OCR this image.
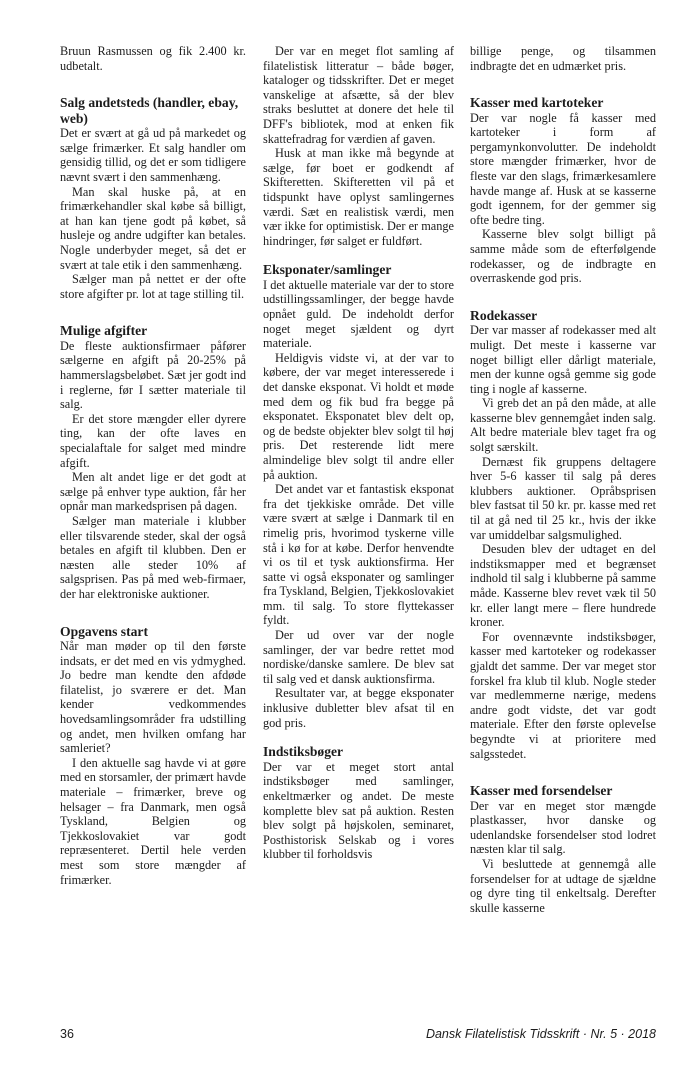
Bruun Rasmussen og fik 2.400 kr. udbetalt.

Salg andetsteds (handler, ebay, web)

Det er svært at gå ud på markedet og sælge frimærker. Et salg handler om gensidig tillid, og det er som tidligere nævnt svært i den sammenhæng.

Man skal huske på, at en frimærkehandler skal købe så billigt, at han kan tjene godt på købet, så husleje og andre udgifter kan betales. Nogle underbyder meget, så det er svært at tale etik i den sammenhæng.

Sælger man på nettet er der ofte store afgifter pr. lot at tage stilling til.

Mulige afgifter

De fleste auktionsfirmaer påfører sælgerne en afgift på 20-25% på hammerslagsbeløbet. Sæt jer godt ind i reglerne, før I sætter materiale til salg.

Er det store mængder eller dyrere ting, kan der ofte laves en specialaftale for salget med mindre afgift.

Men alt andet lige er det godt at sælge på enhver type auktion, får her opnår man markedsprisen på dagen.

Sælger man materiale i klubber eller tilsvarende steder, skal der også betales en afgift til klubben. Den er næsten alle steder 10% af salgsprisen. Pas på med web-firmaer, der har elektroniske auktioner.

Opgavens start

Når man møder op til den første indsats, er det med en vis ydmyghed. Jo bedre man kendte den afdøde filatelist, jo sværere er det. Man kender vedkommendes hovedsamlingsområder fra udstilling og andet, men hvilken omfang har samleriet?

I den aktuelle sag havde vi at gøre med en storsamler, der primært havde materiale – frimærker, breve og helsager – fra Danmark, men også Tyskland, Belgien og Tjekkoslovakiet var godt repræsenteret. Dertil hele verden mest som store mængder af frimærker.

Der var en meget flot samling af filatelistisk litteratur – både bøger, kataloger og tidsskrifter. Det er meget vanskelige at afsætte, så der blev straks besluttet at donere det hele til DFF's bibliotek, mod at enken fik skattefradrag for værdien af gaven.

Husk at man ikke må begynde at sælge, før boet er godkendt af Skifteretten. Skifteretten vil på et tidspunkt have oplyst samlingernes værdi. Sæt en realistisk værdi, men vær ikke for optimistisk. Der er mange hindringer, før salget er fuldført.

Eksponater/samlinger

I det aktuelle materiale var der to store udstillingssamlinger, der begge havde opnået guld. De indeholdt derfor noget meget sjældent og dyrt materiale.

Heldigvis vidste vi, at der var to købere, der var meget interesserede i det danske eksponat. Vi holdt et møde med dem og fik bud fra begge på eksponatet. Eksponatet blev delt op, og de bedste objekter blev solgt til høj pris. Det resterende lidt mere almindelige blev solgt til andre eller på auktion.

Det andet var et fantastisk eksponat fra det tjekkiske område. Det ville være svært at sælge i Danmark til en rimelig pris, hvorimod tyskerne ville stå i kø for at købe. Derfor henvendte vi os til et tysk auktionsfirma. Her satte vi også eksponater og samlinger fra Tyskland, Belgien, Tjekkoslovakiet mm. til salg. To store flyttekasser fyldt.

Der ud over var der nogle samlinger, der var bedre rettet mod nordiske/danske samlere. De blev sat til salg ved et dansk auktionsfirma.

Resultater var, at begge eksponater inklusive dubletter blev afsat til en god pris.

Indstiksbøger

Der var et meget stort antal indstiksbøger med samlinger, enkeltmærker og andet. De meste komplette blev sat på auktion. Resten blev solgt på højskolen, seminaret, Posthistorisk Selskab og i vores klubber til forholdsvis

billige penge, og tilsammen indbragte det en udmærket pris.

Kasser med kartoteker

Der var nogle få kasser med kartoteker i form af pergamynkonvolutter. De indeholdt store mængder frimærker, hvor de fleste var den slags, frimærkesamlere havde mange af. Husk at se kasserne godt igennem, for der gemmer sig ofte bedre ting.

Kasserne blev solgt billigt på samme måde som de efterfølgende rodekasser, og de indbragte en overraskende god pris.

Rodekasser

Der var masser af rodekasser med alt muligt. Det meste i kasserne var noget billigt eller dårligt materiale, men der kunne også gemme sig gode ting i nogle af kasserne.

Vi greb det an på den måde, at alle kasserne blev gennemgået inden salg. Alt bedre materiale blev taget fra og solgt særskilt.

Dernæst fik gruppens deltagere hver 5-6 kasser til salg på deres klubbers auktioner. Opråbsprisen blev fastsat til 50 kr. pr. kasse med ret til at gå ned til 25 kr., hvis der ikke var umiddelbar salgsmulighed.

Desuden blev der udtaget en del indstiksmapper med et begrænset indhold til salg i klubberne på samme måde. Kasserne blev revet væk til 50 kr. eller langt mere – flere hundrede kroner.

For ovennævnte indstiksbøger, kasser med kartoteker og rodekasser gjaldt det samme. Der var meget stor forskel fra klub til klub. Nogle steder var medlemmerne nærige, medens andre godt vidste, det var godt materiale. Efter den første opleveIse begyndte vi at prioritere med salgsstedet.

Kasser med forsendelser

Der var en meget stor mængde plastkasser, hvor danske og udenlandske forsendelser stod lodret næsten klar til salg.

Vi besluttede at gennemgå alle forsendelser for at udtage de sjældne og dyre ting til enkeltsalg. Derefter skulle kasserne

36	Dansk Filatelistisk Tidsskrift · Nr. 5 · 2018
